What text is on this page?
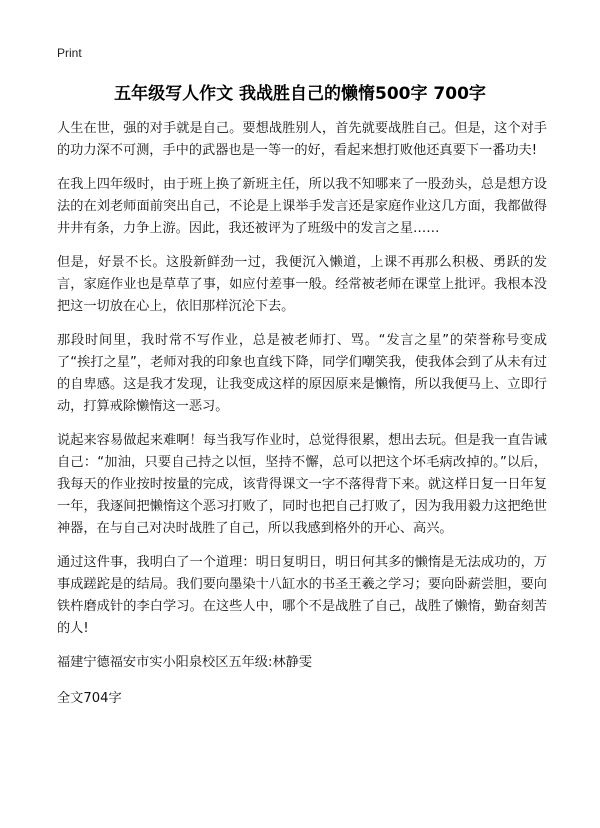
Print
五年级写人作文 我战胜自己的懒惰500字 700字

人生在世，强的对手就是自己。要想战胜别人，首先就要战胜自己。但是，这个对手的功力深不可测，手中的武器也是一等一的好，看起来想打败他还真要下一番功夫!

在我上四年级时，由于班上换了新班主任，所以我不知哪来了一股劲头，总是想方设法的在刘老师面前突出自己，不论是上课举手发言还是家庭作业这几方面，我都做得井井有条，力争上游。因此，我还被评为了班级中的发言之星……

但是，好景不长。这股新鲜劲一过，我便沉入懒道，上课不再那么积极、勇跃的发言，家庭作业也是草草了事，如应付差事一般。经常被老师在课堂上批评。我根本没把这一切放在心上，依旧那样沉沦下去。

那段时间里，我时常不写作业，总是被老师打、骂。“发言之星”的荣誉称号变成了“挨打之星”，老师对我的印象也直线下降，同学们嘲笑我，使我体会到了从未有过的自卑感。这是我才发现，让我变成这样的原因原来是懒惰，所以我便马上、立即行动，打算戒除懒惰这一恶习。

说起来容易做起来难啊！每当我写作业时，总觉得很累，想出去玩。但是我一直告诫自己：“加油，只要自己持之以恒，坚持不懈，总可以把这个坏毛病改掉的。”以后，我每天的作业按时按量的完成，该背得课文一字不落得背下来。就这样日复一日年复一年，我逐间把懒惰这个恶习打败了，同时也把自己打败了，因为我用毅力这把绝世神器，在与自己对决时战胜了自己，所以我感到格外的开心、高兴。

通过这件事，我明白了一个道理：明日复明日，明日何其多的懒惰是无法成功的，万事成蹉跎是的结局。我们要向墨染十八缸水的书圣王羲之学习；要向卧薪尝胆，要向铁杵磨成针的李白学习。在这些人中，哪个不是战胜了自己，战胜了懒惰，勤奋刻苦的人!

福建宁德福安市实小阳泉校区五年级:林静雯

全文704字
